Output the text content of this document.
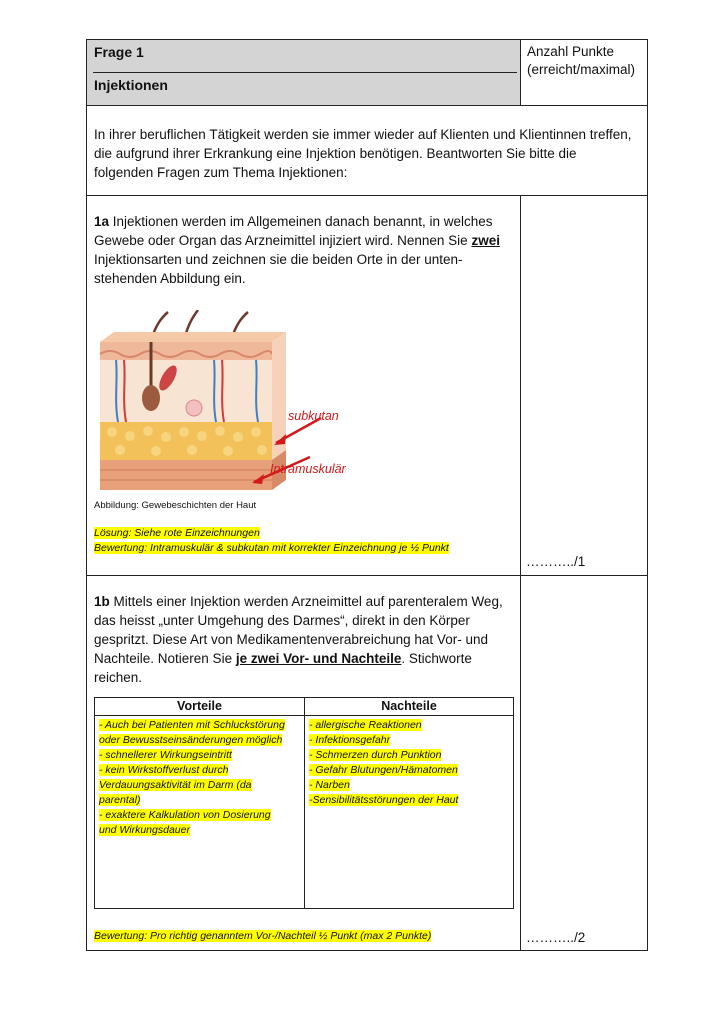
Frage 1
Injektionen
Anzahl Punkte
(erreicht/maximal)
In ihrer beruflichen Tätigkeit werden sie immer wieder auf Klienten und Klientinnen treffen,
die aufgrund ihrer Erkrankung eine Injektion benötigen. Beantworten Sie bitte die
folgenden Fragen zum Thema Injektionen:
1a Injektionen werden im Allgemeinen danach benannt, in welches
Gewebe oder Organ das Arzneimittel injiziert wird. Nennen Sie zwei
Injektionsarten und zeichnen sie die beiden Orte in der unten-
stehenden Abbildung ein.
subkutan
Intramuskulär
Abbildung: Gewebeschichten der Haut
Lösung: Siehe rote Einzeichnungen
Bewertung: Intramuskulär & subkutan mit korrekter Einzeichnung je ½ Punkt
………../1
1b Mittels einer Injektion werden Arzneimittel auf parenteralem Weg,
das heisst „unter Umgehung des Darmes“, direkt in den Körper
gespritzt. Diese Art von Medikamentenverabreichung hat Vor- und
Nachteile. Notieren Sie je zwei Vor- und Nachteile. Stichworte
reichen.
Vorteile	Nachteile
- Auch bei Patienten mit Schluckstörung
oder Bewusstseinsänderungen möglich
- schnellerer Wirkungseintritt
- kein Wirkstoffverlust durch
Verdauungsaktivität im Darm (da
parental)
- exaktere Kalkulation von Dosierung
und Wirkungsdauer
- allergische Reaktionen
- Infektionsgefahr
- Schmerzen durch Punktion
- Gefahr Blutungen/Hämatomen
- Narben
-Sensibilitätsstörungen der Haut
Bewertung: Pro richtig genanntem Vor-/Nachteil ½ Punkt (max 2 Punkte)	………../2
